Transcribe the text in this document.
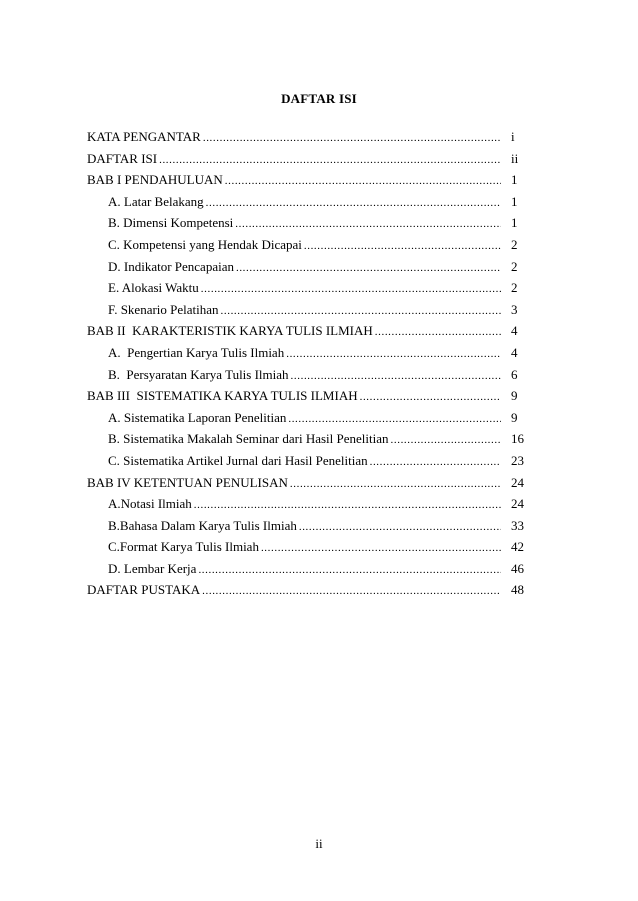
DAFTAR ISI
KATA PENGANTAR .....	i
DAFTAR ISI .....	ii
BAB I PENDAHULUAN .....	1
A. Latar Belakang .....	1
B. Dimensi Kompetensi .....	1
C. Kompetensi yang Hendak Dicapai .....	2
D. Indikator Pencapaian .....	2
E. Alokasi Waktu .....	2
F. Skenario Pelatihan .....	3
BAB II  KARAKTERISTIK KARYA TULIS ILMIAH .....	4
A.  Pengertian Karya Tulis Ilmiah .....	4
B.  Persyaratan Karya Tulis Ilmiah .....	6
BAB III  SISTEMATIKA KARYA TULIS ILMIAH .....	9
A. Sistematika Laporan Penelitian .....	9
B. Sistematika Makalah Seminar dari Hasil Penelitian .....	16
C. Sistematika Artikel Jurnal dari Hasil Penelitian .....	23
BAB IV KETENTUAN PENULISAN .....	24
A.Notasi Ilmiah .....	24
B.Bahasa Dalam Karya Tulis Ilmiah .....	33
C.Format Karya Tulis Ilmiah .....	42
D. Lembar Kerja .....	46
DAFTAR PUSTAKA .....	48
ii
